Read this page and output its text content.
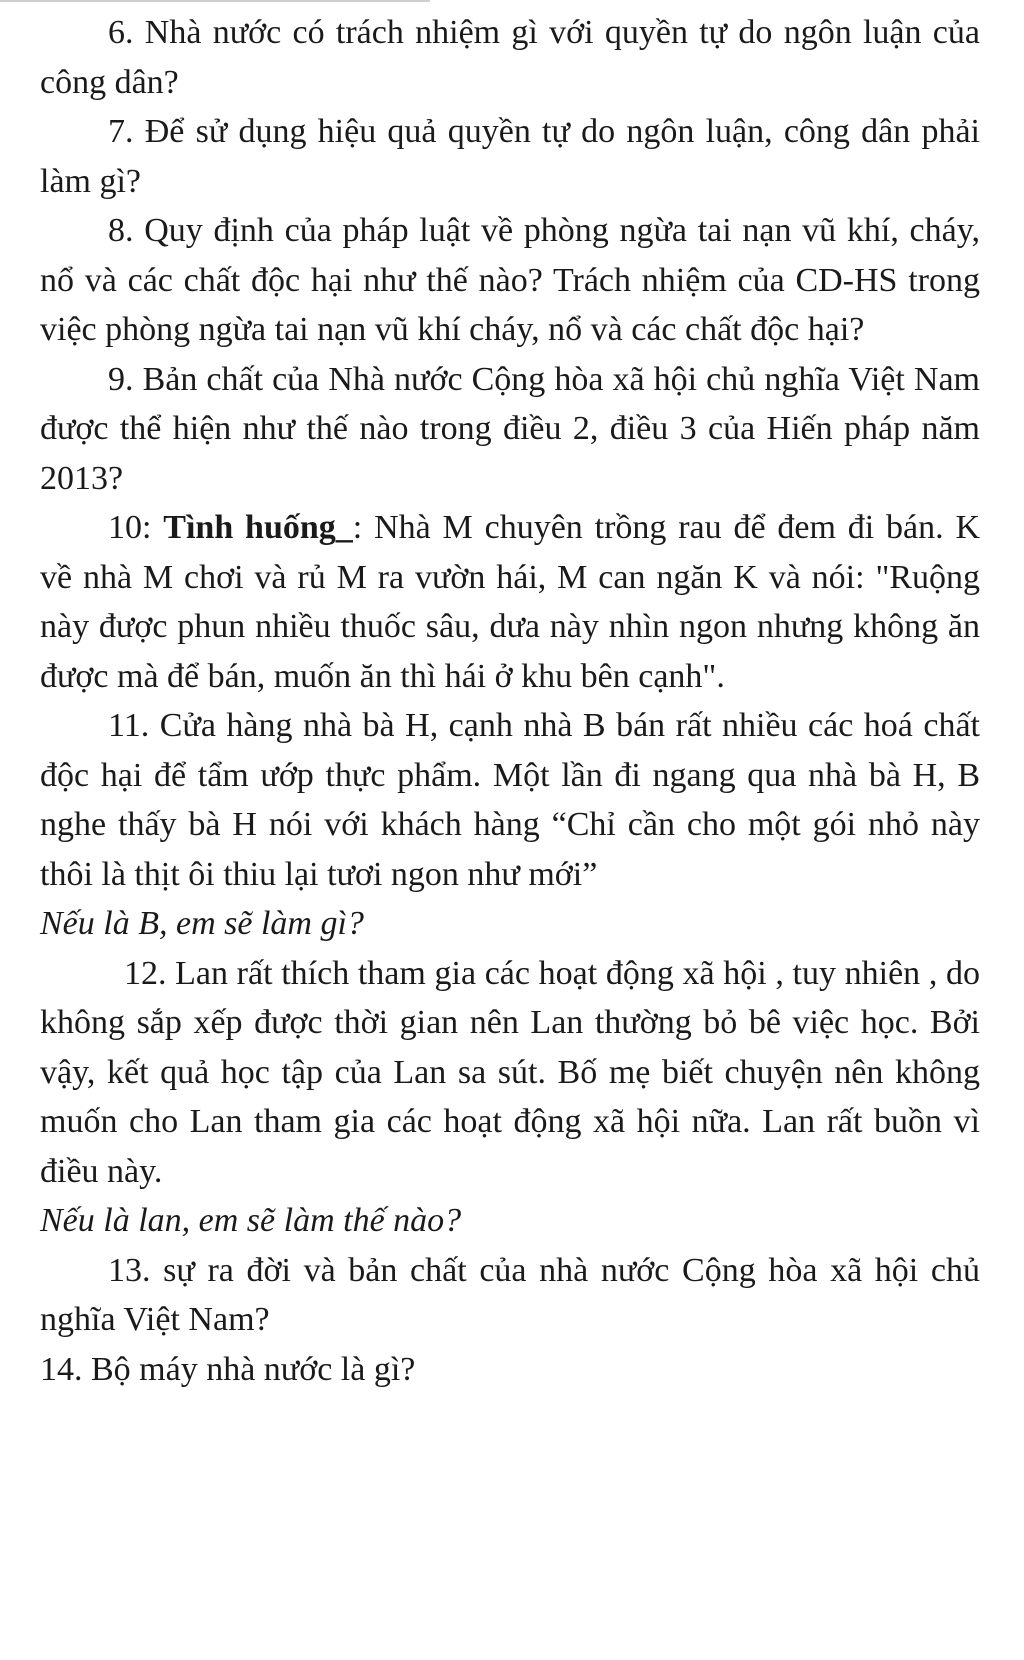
6. Nhà nước có trách nhiệm gì với quyền tự do ngôn luận của công dân?

7. Để sử dụng hiệu quả quyền tự do ngôn luận, công dân phải làm gì?

8. Quy định của pháp luật về phòng ngừa tai nạn vũ khí, cháy, nổ và các chất độc hại như thế nào? Trách nhiệm của CD-HS trong việc phòng ngừa tai nạn vũ khí cháy, nổ và các chất độc hại?

9. Bản chất của Nhà nước Cộng hòa xã hội chủ nghĩa Việt Nam được thể hiện như thế nào trong điều 2, điều 3 của Hiến pháp năm 2013?

10: Tình huống_: Nhà M chuyên trồng rau để đem đi bán. K về nhà M chơi và rủ M ra vườn hái, M can ngăn K và nói: "Ruộng này được phun nhiều thuốc sâu, dưa này nhìn ngon nhưng không ăn được mà để bán, muốn ăn thì hái ở khu bên cạnh".

11. Cửa hàng nhà bà H, cạnh nhà B bán rất nhiều các hoá chất độc hại để tẩm ướp thực phẩm. Một lần đi ngang qua nhà bà H, B nghe thấy bà H nói với khách hàng “Chỉ cần cho một gói nhỏ này thôi là thịt ôi thiu lại tươi ngon như mới”

Nếu là B, em sẽ làm gì?

12. Lan rất thích tham gia các hoạt động xã hội , tuy nhiên , do không sắp xếp được thời gian nên Lan thường bỏ bê việc học. Bởi vậy, kết quả học tập của Lan sa sút. Bố mẹ biết chuyện nên không muốn cho Lan tham gia các hoạt động xã hội nữa. Lan rất buồn vì điều này.

Nếu là lan, em sẽ làm thế nào?

13. sự ra đời và bản chất của nhà nước Cộng hòa xã hội chủ nghĩa Việt Nam?

14. Bộ máy nhà nước là gì?
